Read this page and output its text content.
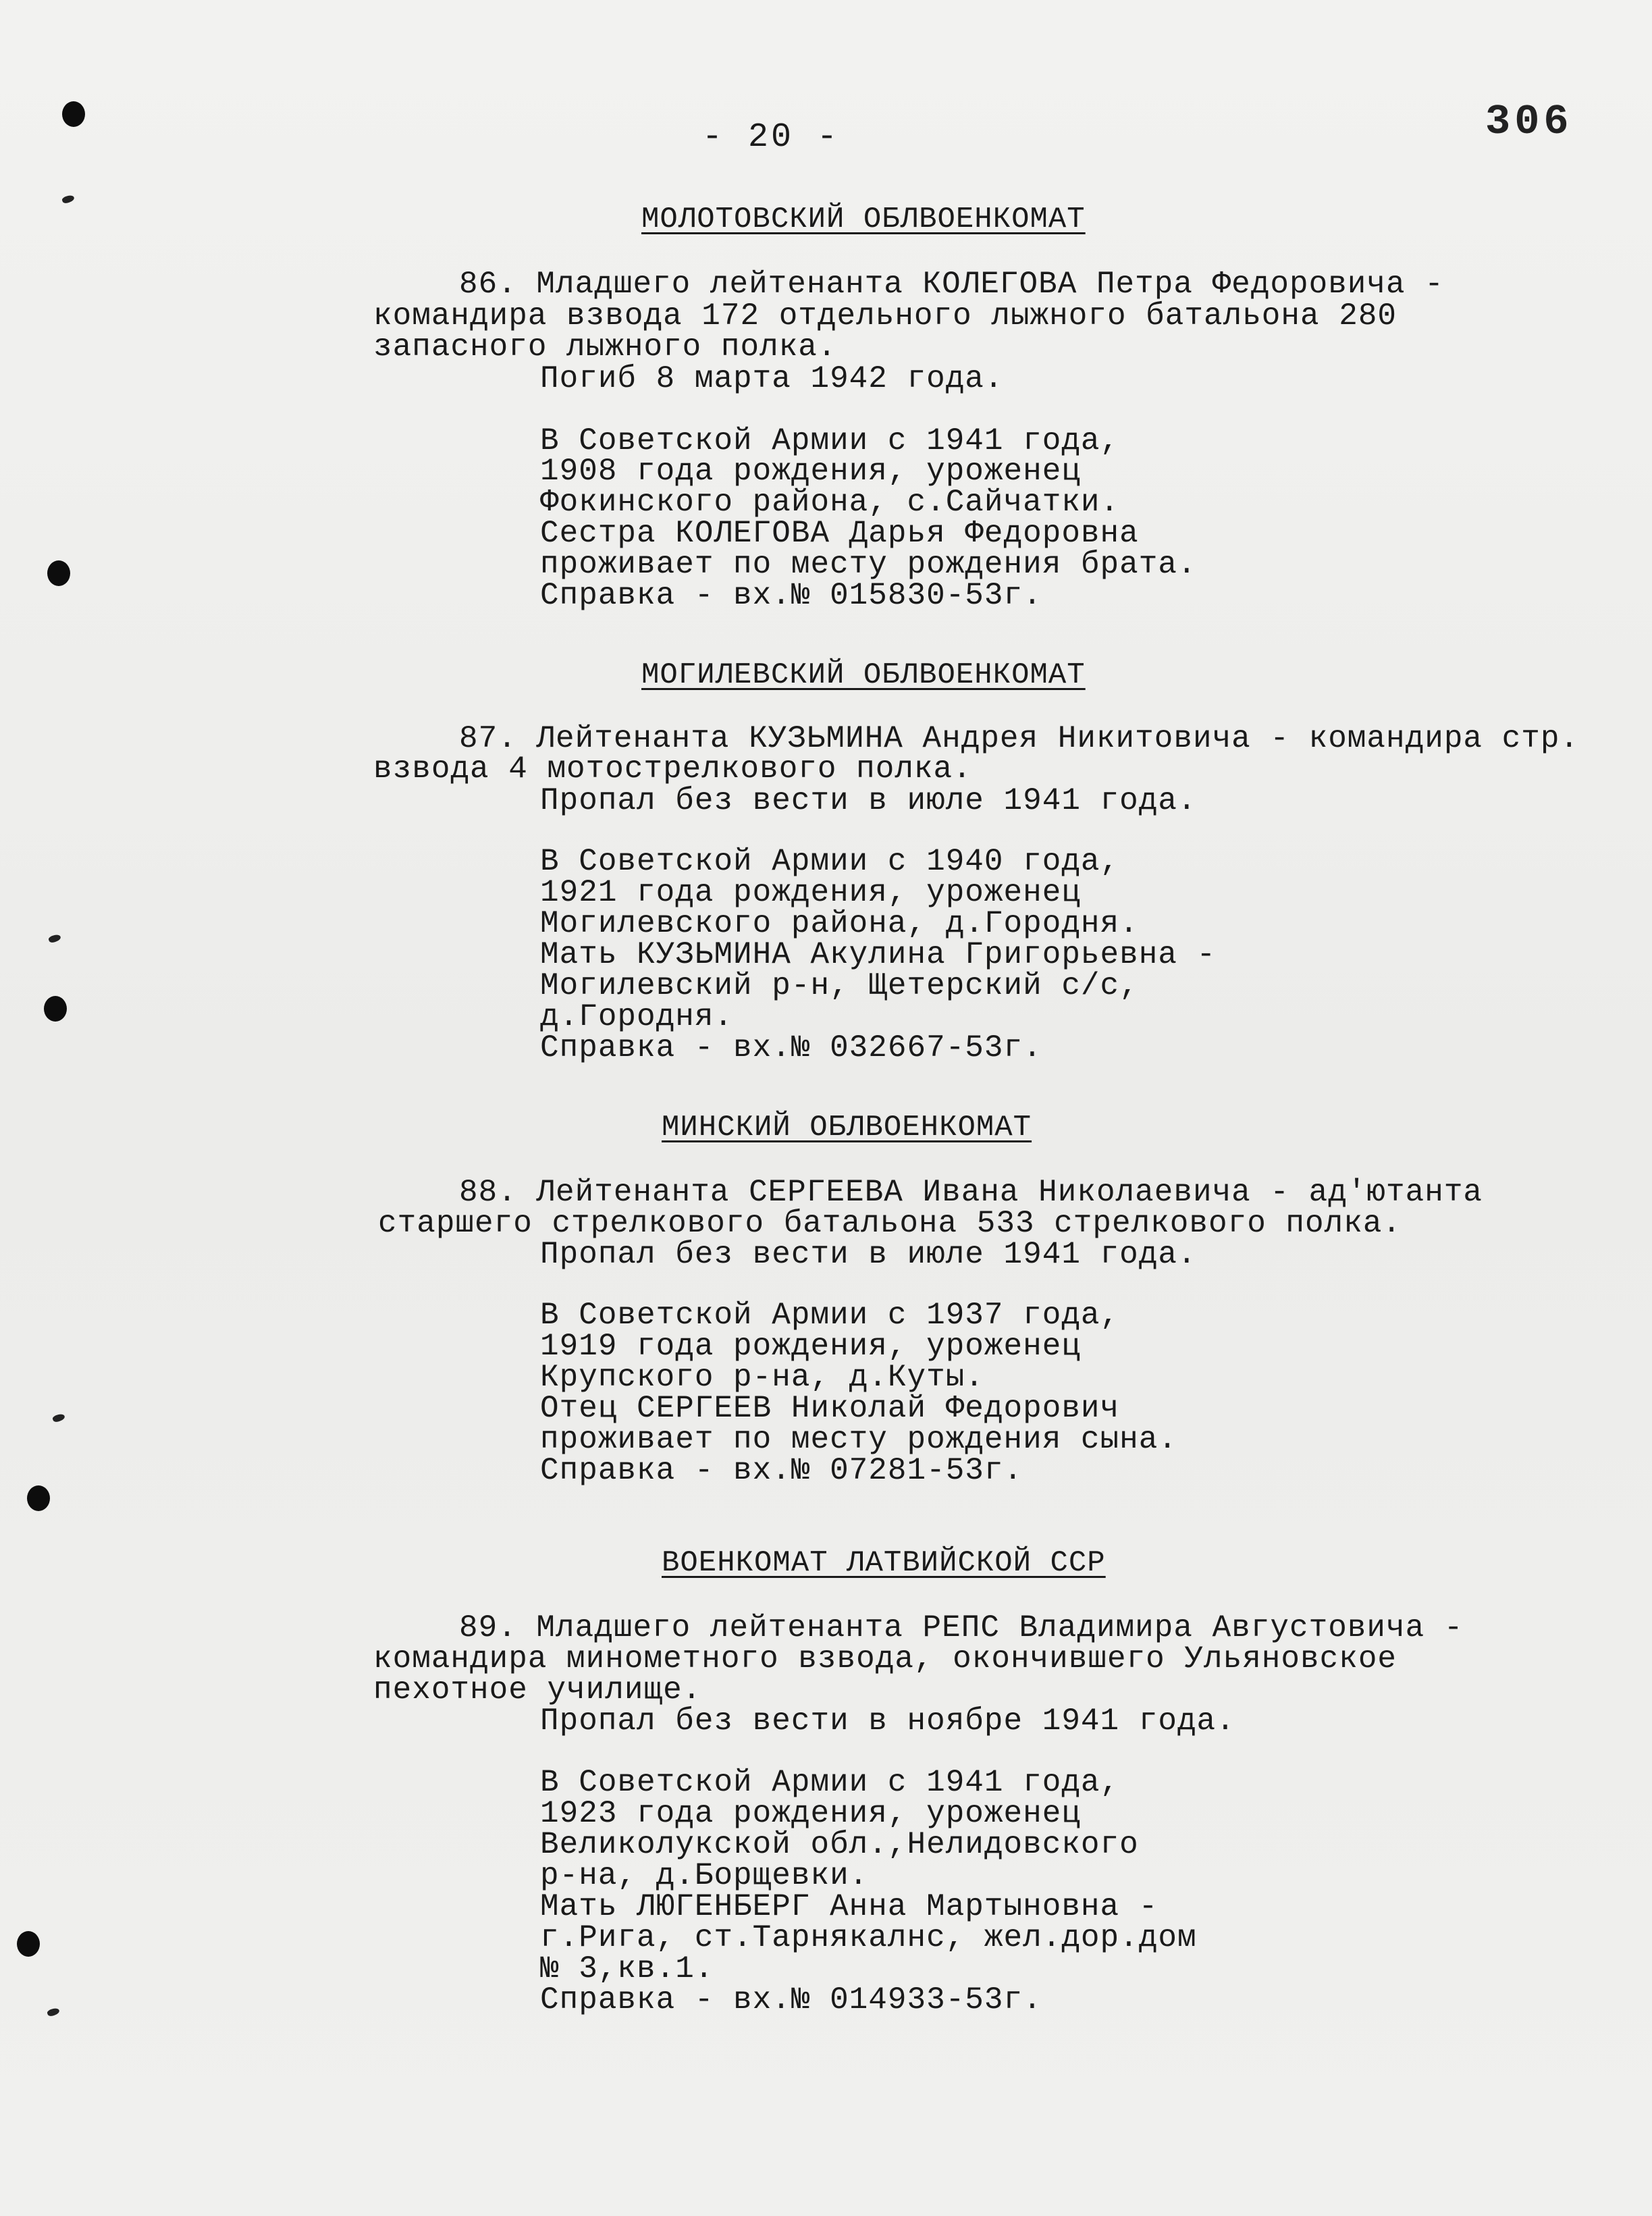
- 20 -	306
МОЛОТОВСКИЙ ОБЛВОЕНКОМАТ
86. Младшего лейтенанта КОЛЕГОВА Петра Федоровича -
командира взвода 172 отдельного лыжного батальона 280
запасного лыжного полка.
Погиб 8 марта 1942 года.
В Советской Армии с 1941 года,
1908 года рождения, уроженец
Фокинского района, с.Сайчатки.
Сестра КОЛЕГОВА Дарья Федоровна
проживает по месту рождения брата.
Справка - вх.№ 015830-53г.
МОГИЛЕВСКИЙ ОБЛВОЕНКОМАТ
87. Лейтенанта КУЗЬМИНА Андрея Никитовича - командира стр.
взвода 4 мотострелкового полка.
Пропал без вести в июле 1941 года.
В Советской Армии с 1940 года,
1921 года рождения, уроженец
Могилевского района, д.Городня.
Мать КУЗЬМИНА Акулина Григорьевна -
Могилевский р-н, Щетерский с/с,
д.Городня.
Справка - вх.№ 032667-53г.
МИНСКИЙ ОБЛВОЕНКОМАТ
88. Лейтенанта СЕРГЕЕВА Ивана Николаевича - ад'ютанта
старшего стрелкового батальона 533 стрелкового полка.
Пропал без вести в июле 1941 года.
В Советской Армии с 1937 года,
1919 года рождения, уроженец
Крупского р-на, д.Куты.
Отец СЕРГЕЕВ Николай Федорович
проживает по месту рождения сына.
Справка - вх.№ 07281-53г.
ВОЕНКОМАТ ЛАТВИЙСКОЙ ССР
89. Младшего лейтенанта РЕПС Владимира Августовича -
командира минометного взвода, окончившего Ульяновское
пехотное училище.
Пропал без вести в ноябре 1941 года.
В Советской Армии с 1941 года,
1923 года рождения, уроженец
Великолукской обл.,Нелидовского
р-на, д.Борщевки.
Мать ЛЮГЕНБЕРГ Анна Мартыновна -
г.Рига, ст.Тарнякалнс, жел.дор.дом
№ 3,кв.1.
Справка - вх.№ 014933-53г.
